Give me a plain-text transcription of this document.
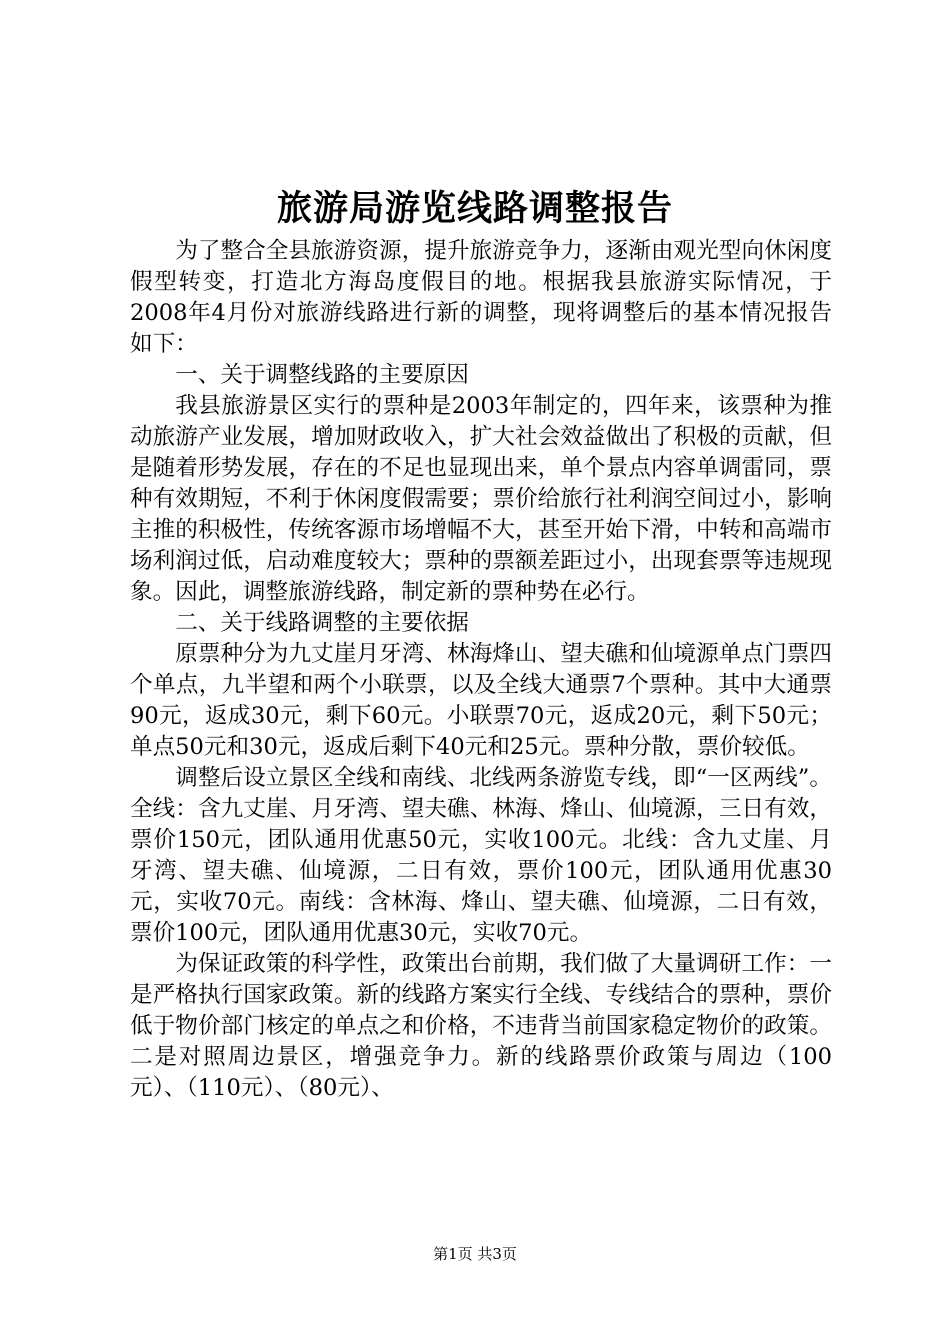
旅游局游览线路调整报告

为了整合全县旅游资源，提升旅游竞争力，逐渐由观光型向休闲度假型转变，打造北方海岛度假目的地。根据我县旅游实际情况，于2008年4月份对旅游线路进行新的调整，现将调整后的基本情况报告如下：

一、关于调整线路的主要原因

我县旅游景区实行的票种是2003年制定的，四年来，该票种为推动旅游产业发展，增加财政收入，扩大社会效益做出了积极的贡献，但是随着形势发展，存在的不足也显现出来，单个景点内容单调雷同，票种有效期短，不利于休闲度假需要；票价给旅行社利润空间过小，影响主推的积极性，传统客源市场增幅不大，甚至开始下滑，中转和高端市场利润过低，启动难度较大；票种的票额差距过小，出现套票等违规现象。因此，调整旅游线路，制定新的票种势在必行。

二、关于线路调整的主要依据

原票种分为九丈崖月牙湾、林海烽山、望夫礁和仙境源单点门票四个单点，九半望和两个小联票，以及全线大通票7个票种。其中大通票90元，返成30元，剩下60元。小联票70元，返成20元，剩下50元；单点50元和30元，返成后剩下40元和25元。票种分散，票价较低。

调整后设立景区全线和南线、北线两条游览专线，即“一区两线”。全线：含九丈崖、月牙湾、望夫礁、林海、烽山、仙境源，三日有效，票价150元，团队通用优惠50元，实收100元。北线：含九丈崖、月牙湾、望夫礁、仙境源，二日有效，票价100元，团队通用优惠30元，实收70元。南线：含林海、烽山、望夫礁、仙境源，二日有效，票价100元，团队通用优惠30元，实收70元。

为保证政策的科学性，政策出台前期，我们做了大量调研工作：一是严格执行国家政策。新的线路方案实行全线、专线结合的票种，票价低于物价部门核定的单点之和价格，不违背当前国家稳定物价的政策。二是对照周边景区，增强竞争力。新的线路票价政策与周边（100元）、（110元）、（80元）、

第1页 共3页
